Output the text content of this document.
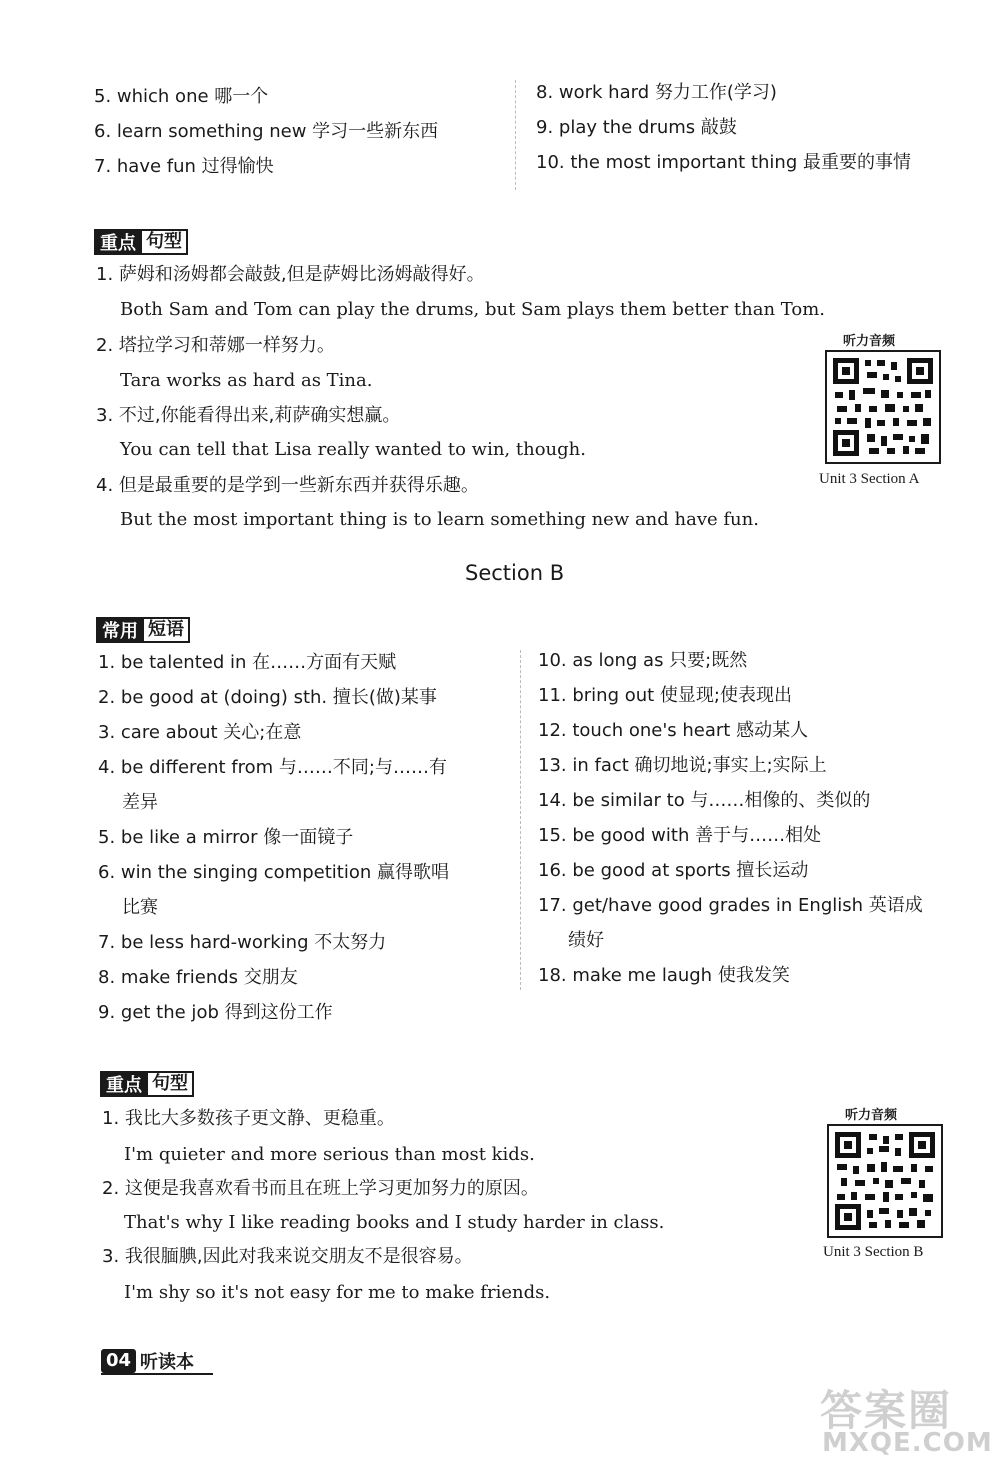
5. which one 哪一个
6. learn something new 学习一些新东西
7. have fun 过得愉快
8. work hard 努力工作(学习)
9. play the drums 敲鼓
10. the most important thing 最重要的事情
重点 句型
1. 萨姆和汤姆都会敲鼓,但是萨姆比汤姆敲得好。
Both Sam and Tom can play the drums, but Sam plays them better than Tom.
2. 塔拉学习和蒂娜一样努力。
Tara works as hard as Tina.
3. 不过,你能看得出来,莉萨确实想赢。
You can tell that Lisa really wanted to win, though.
4. 但是最重要的是学到一些新东西并获得乐趣。
But the most important thing is to learn something new and have fun.
听力音频
Unit 3 Section A
Section B
常用 短语
1. be talented in 在……方面有天赋
2. be good at (doing) sth. 擅长(做)某事
3. care about 关心;在意
4. be different from 与……不同;与……有
差异
5. be like a mirror 像一面镜子
6. win the singing competition 赢得歌唱
比赛
7. be less hard-working 不太努力
8. make friends 交朋友
9. get the job 得到这份工作
10. as long as 只要;既然
11. bring out 使显现;使表现出
12. touch one's heart 感动某人
13. in fact 确切地说;事实上;实际上
14. be similar to 与……相像的、类似的
15. be good with 善于与……相处
16. be good at sports 擅长运动
17. get/have good grades in English 英语成
绩好
18. make me laugh 使我发笑
重点 句型
1. 我比大多数孩子更文静、更稳重。
I'm quieter and more serious than most kids.
2. 这便是我喜欢看书而且在班上学习更加努力的原因。
That's why I like reading books and I study harder in class.
3. 我很腼腆,因此对我来说交朋友不是很容易。
I'm shy so it's not easy for me to make friends.
听力音频
Unit 3 Section B
04 听读本
答案圈
MXQE.COM
